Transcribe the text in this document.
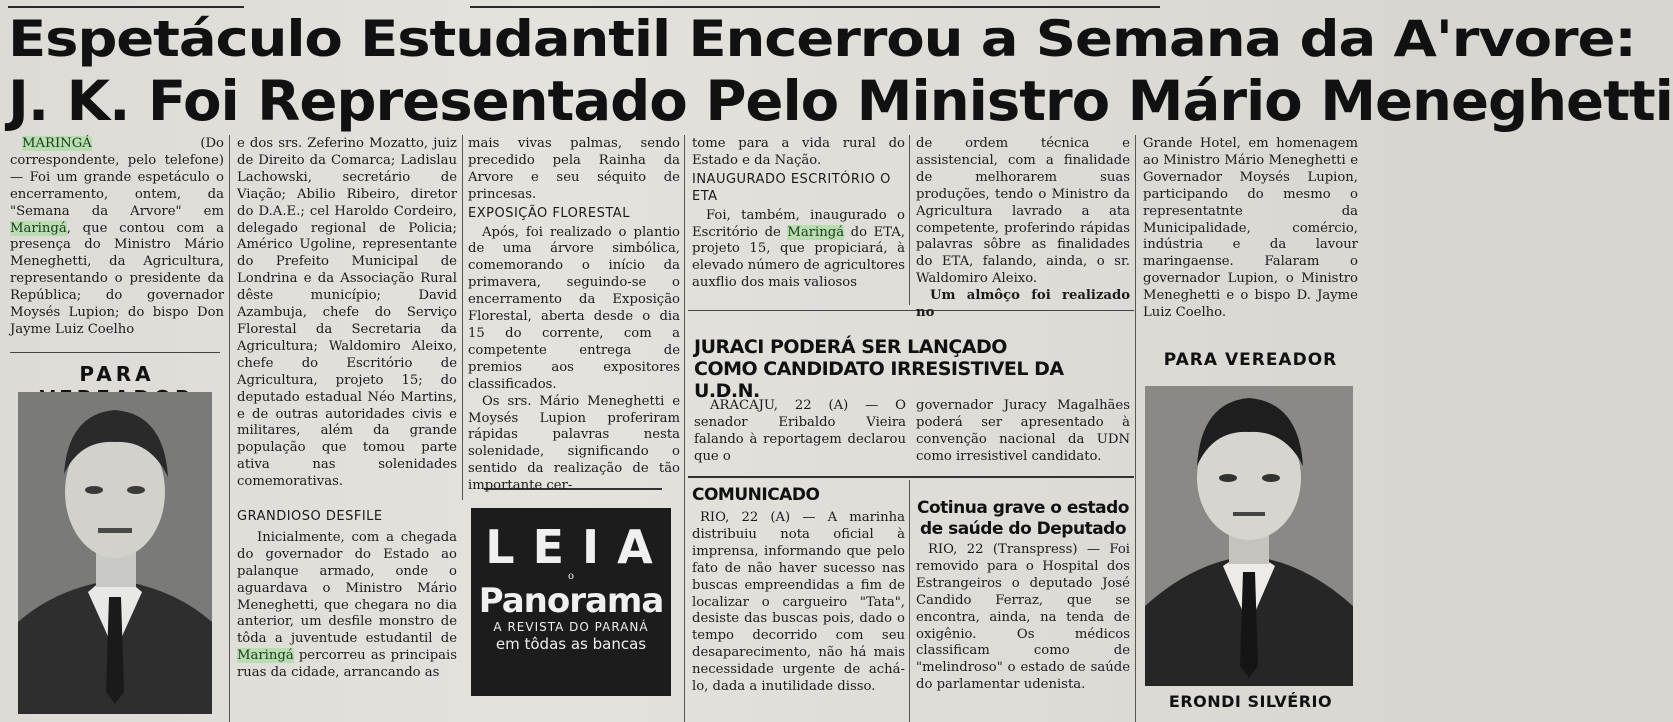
Espetáculo Estudantil Encerrou a Semana da A'rvore:
J. K. Foi Representado Pelo Ministro Mário Meneghetti

MARINGÁ (Do correspondente, pelo telefone) — Foi um grande espetáculo o encerramento, ontem, da "Semana da Arvore" em Maringá, que contou com a presença do Ministro Mário Meneghetti, da Agricultura, representando o presidente da República; do governador Moysés Lupion; do bispo Don Jayme Luiz Coelho

PARA

e dos srs. Zeferino Mozatto, juiz de Direito da Comarca; Ladislau Lachowski, secretário de Viação; Abilio Ribeiro, diretor do D.A.E.; cel Haroldo Cordeiro, delegado regional de Policia; Américo Ugoline, representante do Prefeito Municipal de Londrina e da Associação Rural dêste município; David Azambuja, chefe do Serviço Florestal da Secretaria da Agricultura; Waldomiro Aleixo, chefe do Escritório de Agricultura, projeto 15; do deputado estadual Néo Martins, e de outras autoridades civis e militares, além da grande população que tomou parte ativa nas solenidades comemorativas.

GRANDIOSO DESFILE

Inicialmente, com a chegada do governador do Estado ao palanque armado, onde o aguardava o Ministro Mário Meneghetti, que chegara no dia anterior, um desfile monstro de tôda a juventude estudantil de Maringá percorreu as principais ruas da cidade, arrancando as

mais vivas palmas, sendo precedido pela Rainha da Arvore e seu séquito de princesas.

EXPOSIÇÃO FLORESTAL

Após, foi realizado o plantio de uma árvore simbólica, comemorando o início da primavera, seguindo-se o encerramento da Exposição Florestal, aberta desde o dia 15 do corrente, com a competente entrega de premios aos expositores classificados.

Os srs. Mário Meneghetti e Moysés Lupion proferiram rápidas palavras nesta solenidade, significando o sentido da realização de tão importante cer-

LEIA
o
Panorama
A REVISTA DO PARANÁ
em tôdas as bancas

tome para a vida rural do Estado e da Nação.

INAUGURADO ESCRITÓRIO O ETA

Foi, também, inaugurado o Escritório de Maringá do ETA, projeto 15, que propiciará, à elevado número de agricultores auxflio dos mais valiosos

de ordem técnica e assistencial, com a finalidade de melhorarem suas produções, tendo o Ministro da Agricultura lavrado a ata competente, proferindo rápidas palavras sôbre as finalidades do ETA, falando, ainda, o sr. Waldomiro Aleixo.

Um almôço foi realizado no

JURACI PODERÁ SER LANÇADO COMO CANDIDATO IRRESISTIVEL DA U.D.N.

ARACAJU, 22 (A) — O senador Eribaldo Vieira falando à reportagem declarou que o

governador Juracy Magalhães poderá ser apresentado à convenção nacional da UDN como irresistivel candidato.

COMUNICADO

RIO, 22 (A) — A marinha distribuiu nota oficial à imprensa, informando que pelo fato de não haver sucesso nas buscas empreendidas a fim de localizar o cargueiro "Tata", desiste das buscas pois, dado o tempo decorrido com seu desaparecimento, não há mais necessidade urgente de achá-lo, dada a inutilidade disso.

Cotinua grave o estado de saúde do Deputado

RIO, 22 (Transpress) — Foi removido para o Hospital dos Estrangeiros o deputado José Candido Ferraz, que se encontra, ainda, na tenda de oxigênio. Os médicos classificam como de "melindroso" o estado de saúde do parlamentar udenista.

Grande Hotel, em homenagem ao Ministro Mário Meneghetti e Governador Moysés Lupion, participando do mesmo o representatnte da Municipalidade, comércio, indústria e da lavour maringaense. Falaram o governador Lupion, o Ministro Meneghetti e o bispo D. Jayme Luiz Coelho.

PARA VEREADOR
ERONDI SILVÉRIO
